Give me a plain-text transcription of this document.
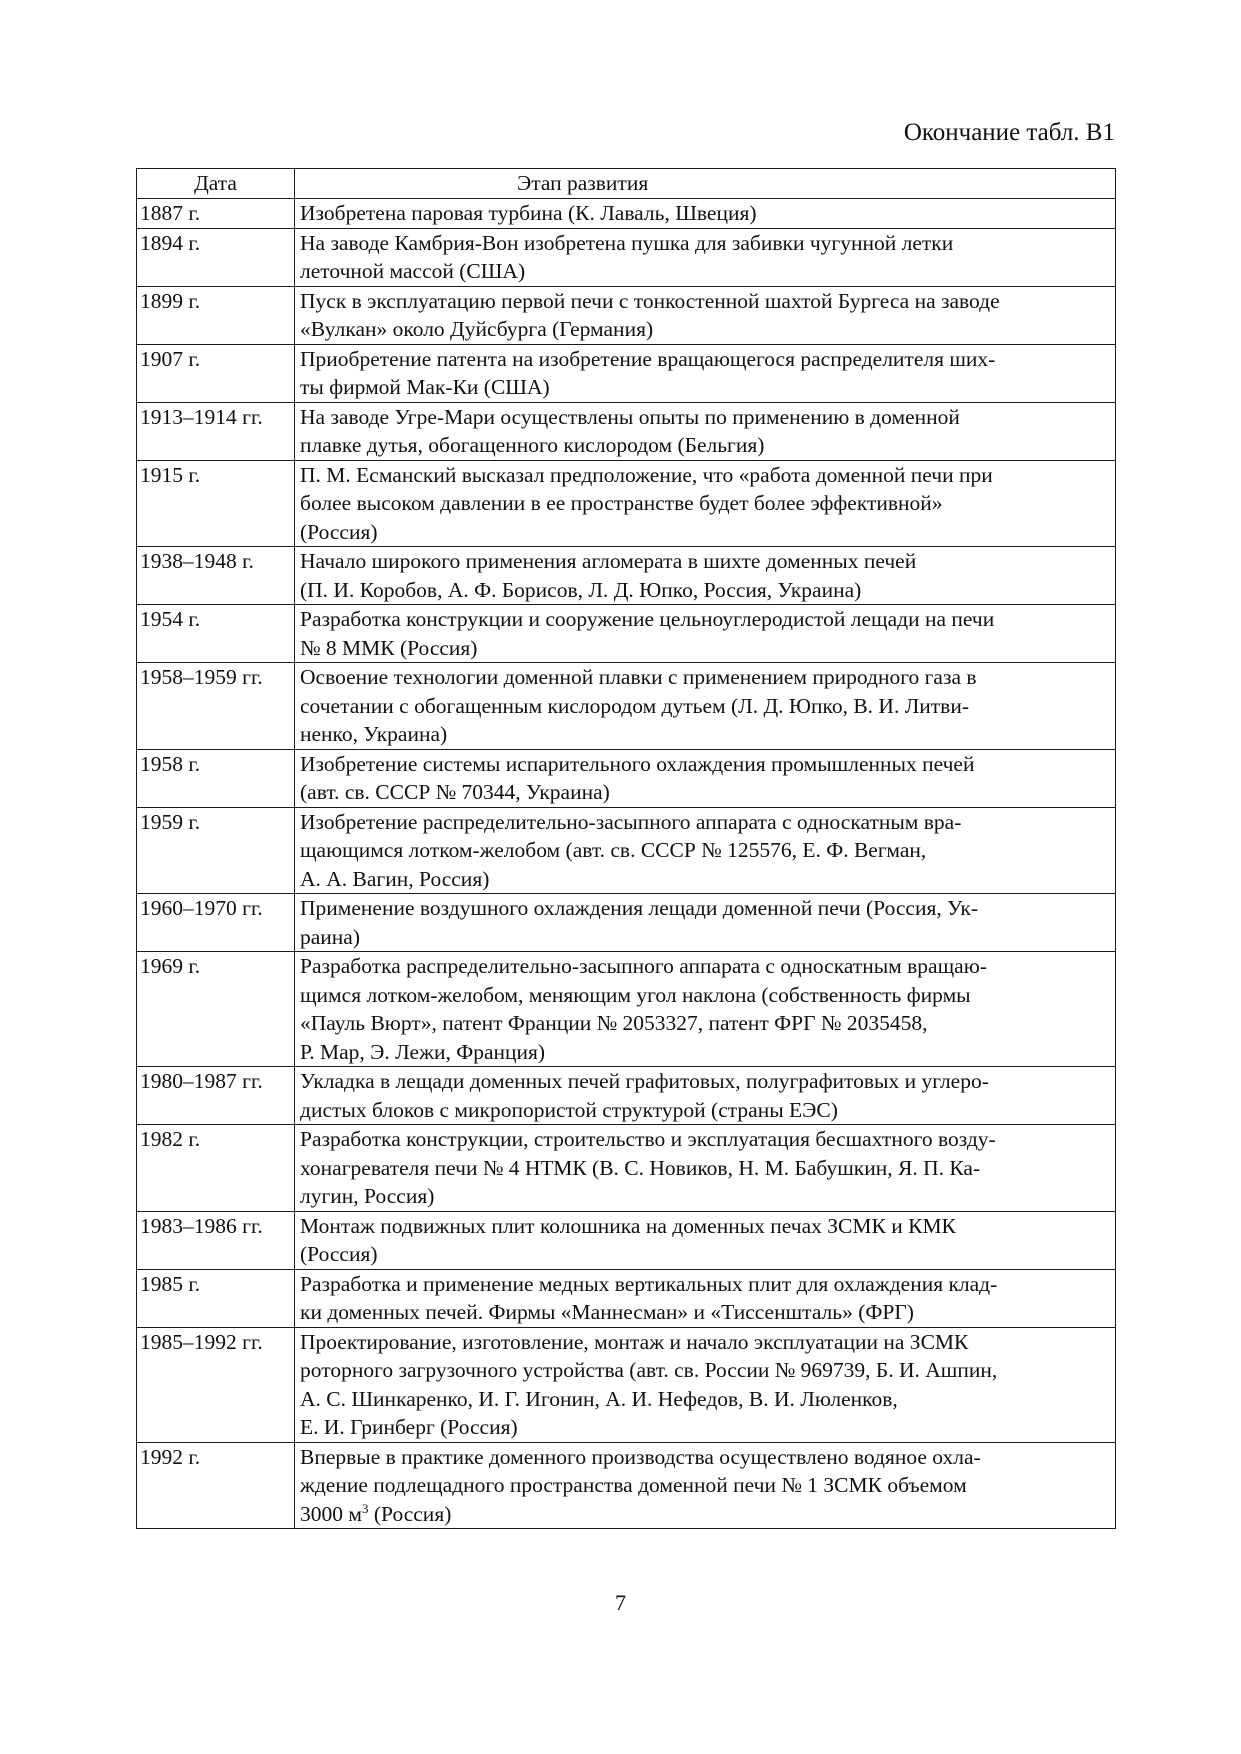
Окончание табл. В1

Дата	Этап развития
1887 г.	Изобретена паровая турбина (К. Лаваль, Швеция)

1894 г.	На заводе Камбрия-Вон изобретена пушка для забивки чугунной летки
леточной массой (США)

1899 г.	Пуск в эксплуатацию первой печи с тонкостенной шахтой Бургеса на заводе
«Вулкан» около Дуйсбурга (Германия)

1907 г.	Приобретение патента на изобретение вращающегося распределителя ших-
ты фирмой Мак-Ки (США)

1913–1914 гг.	На заводе Угре-Мари осуществлены опыты по применению в доменной
плавке дутья, обогащенного кислородом (Бельгия)

1915 г.	П. М. Есманский высказал предположение, что «работа доменной печи при
более высоком давлении в ее пространстве будет более эффективной»
(Россия)

1938–1948 г.	Начало широкого применения агломерата в шихте доменных печей
(П. И. Коробов, А. Ф. Борисов, Л. Д. Юпко, Россия, Украина)

1954 г.	Разработка конструкции и сооружение цельноуглеродистой лещади на печи
№ 8 ММК (Россия)

1958–1959 гг.	Освоение технологии доменной плавки с применением природного газа в
сочетании с обогащенным кислородом дутьем (Л. Д. Юпко, В. И. Литви-
ненко, Украина)

1958 г.	Изобретение системы испарительного охлаждения промышленных печей
(авт. св. СССР № 70344, Украина)

1959 г.	Изобретение распределительно-засыпного аппарата с односкатным вра-
щающимся лотком-желобом (авт. св. СССР № 125576, Е. Ф. Вегман,
А. А. Вагин, Россия)

1960–1970 гг.	Применение воздушного охлаждения лещади доменной печи (Россия, Ук-
раина)

1969 г.	Разработка распределительно-засыпного аппарата с односкатным вращаю-
щимся лотком-желобом, меняющим угол наклона (собственность фирмы
«Пауль Вюрт», патент Франции № 2053327, патент ФРГ № 2035458,
Р. Мар, Э. Лежи, Франция)

1980–1987 гг.	Укладка в лещади доменных печей графитовых, полуграфитовых и углеро-
дистых блоков с микропористой структурой (страны ЕЭС)

1982 г.	Разработка конструкции, строительство и эксплуатация бесшахтного возду-
хонагревателя печи № 4 НТМК (В. С. Новиков, Н. М. Бабушкин, Я. П. Ка-
лугин, Россия)

1983–1986 гг.	Монтаж подвижных плит колошника на доменных печах ЗСМК и КМК
(Россия)

1985 г.	Разработка и применение медных вертикальных плит для охлаждения клад-
ки доменных печей. Фирмы «Маннесман» и «Тиссеншталь» (ФРГ)

1985–1992 гг.	Проектирование, изготовление, монтаж и начало эксплуатации на ЗСМК
роторного загрузочного устройства (авт. св. России № 969739, Б. И. Ашпин,
А. С. Шинкаренко, И. Г. Игонин, А. И. Нефедов, В. И. Люленков,
Е. И. Гринберг (Россия)

1992 г.	Впервые в практике доменного производства осуществлено водяное охла-
ждение подлещадного пространства доменной печи № 1 ЗСМК объемом
3000 $м^3$ (Россия)

7
